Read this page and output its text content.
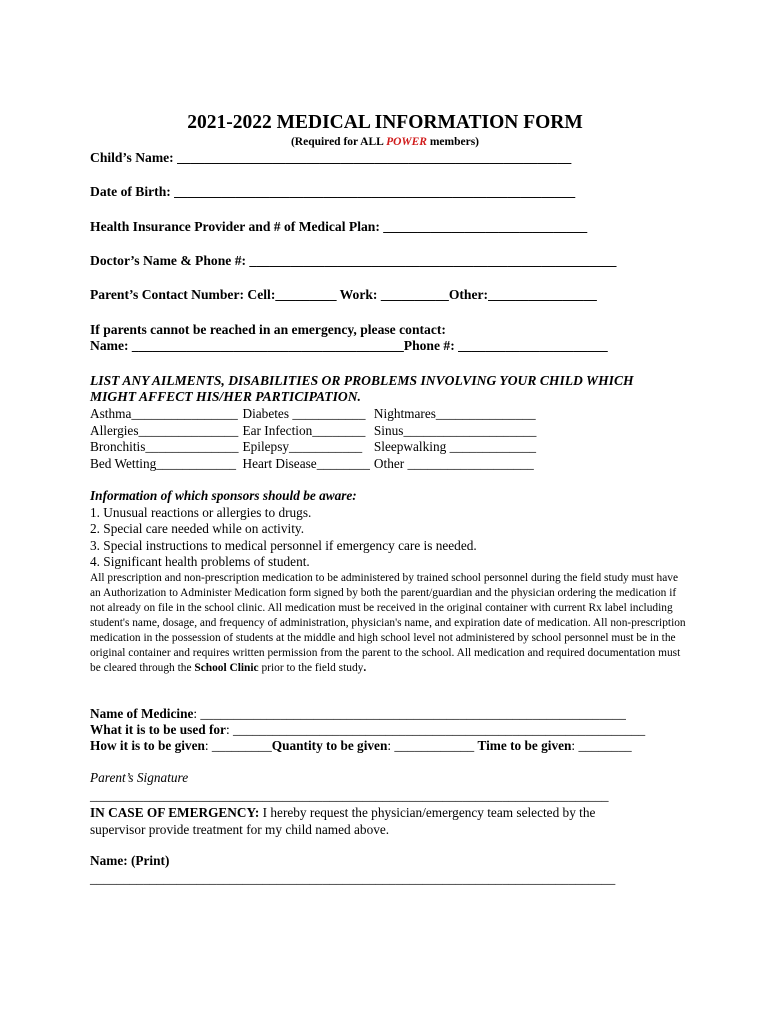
2021-2022 MEDICAL INFORMATION FORM
(Required for ALL POWER members)
Child’s Name: __________________________________________________________
Date of Birth: ___________________________________________________________
Health Insurance Provider and # of Medical Plan: ______________________________
Doctor’s Name & Phone #: ______________________________________________________
Parent’s Contact Number: Cell:_________ Work: __________Other:________________
If parents cannot be reached in an emergency, please contact:
Name: ________________________________________Phone #: ______________________
LIST ANY AILMENTS, DISABILITIES OR PROBLEMS INVOLVING YOUR CHILD WHICH
MIGHT AFFECT HIS/HER PARTICIPATION.
Asthma________________	Diabetes ___________	Nightmares_______________
Allergies_______________	Ear Infection________	Sinus____________________
Bronchitis______________	Epilepsy___________	Sleepwalking _____________
Bed Wetting____________	Heart Disease________	Other ___________________
Information of which sponsors should be aware:
1. Unusual reactions or allergies to drugs.
2. Special care needed while on activity.
3. Special instructions to medical personnel if emergency care is needed.
4. Significant health problems of student.
All prescription and non-prescription medication to be administered by trained school personnel during the field study must have an Authorization to Administer Medication form signed by both the parent/guardian and the physician ordering the medication if not already on file in the school clinic. All medication must be received in the original container with current Rx label including student's name, dosage, and frequency of administration, physician's name, and expiration date of medication. All non-prescription medication in the possession of students at the middle and high school level not administered by school personnel must be in the original container and requires written permission from the parent to the school. All medication and required documentation must be cleared through the School Clinic prior to the field study.
Name of Medicine: ________________________________________________________________
What it is to be used for: ______________________________________________________________
How it is to be given: _________Quantity to be given: ____________ Time to be given: ________
Parent’s Signature
______________________________________________________________________________
IN CASE OF EMERGENCY: I hereby request the physician/emergency team selected by the
supervisor provide treatment for my child named above.
Name: (Print)
_______________________________________________________________________________
